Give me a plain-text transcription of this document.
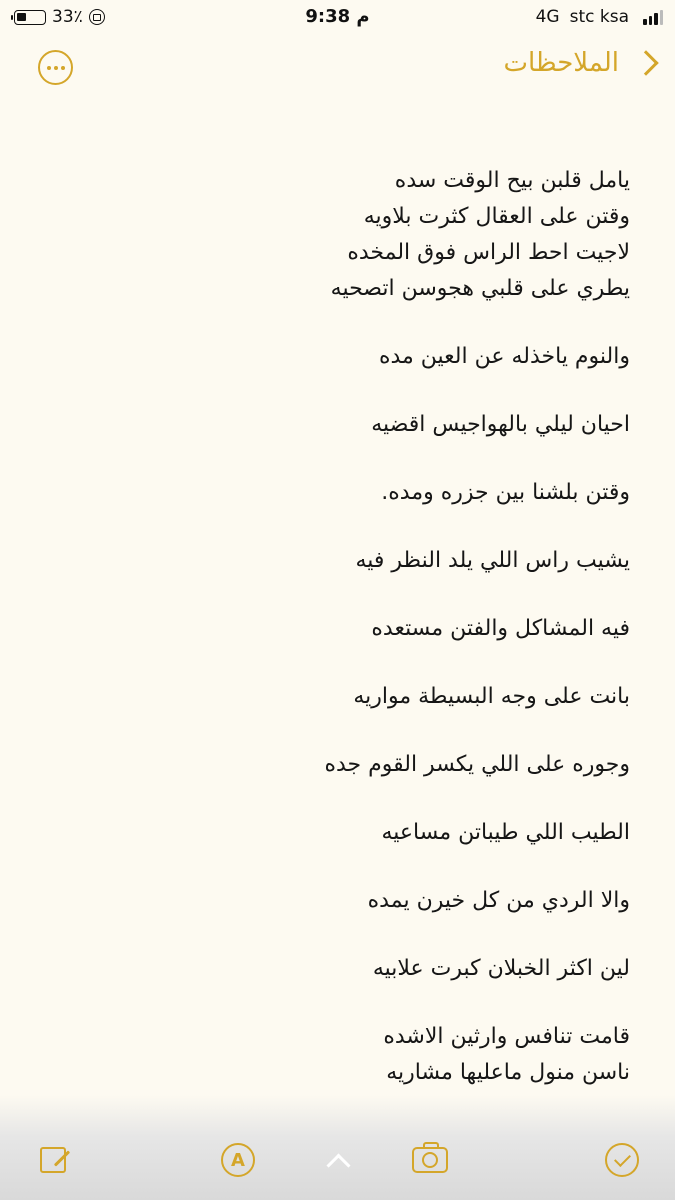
33٪	9:38 م	4G stc ksa
الملاحظات
يامل قلبن بيح الوقت سده
وقتن على العقال كثرت بلاويه
لاجيت احط الراس فوق المخده
يطري على قلبي هجوسن اتصحيه
والنوم ياخذله عن العين مده
احيان ليلي بالهواجيس اقضيه
وقتن بلشنا بين جزره ومده.
يشيب راس اللي يلد النظر فيه
فيه المشاكل والفتن مستعده
بانت على وجه البسيطة مواريه
وجوره على اللي يكسر القوم جده
الطيب اللي طيباتن مساعيه
والا الردي من كل خيرن يمده
لين اكثر الخبلان كبرت علابيه
قامت تنافس وارثين الاشده
ناسن منول ماعليها مشاريه
A
